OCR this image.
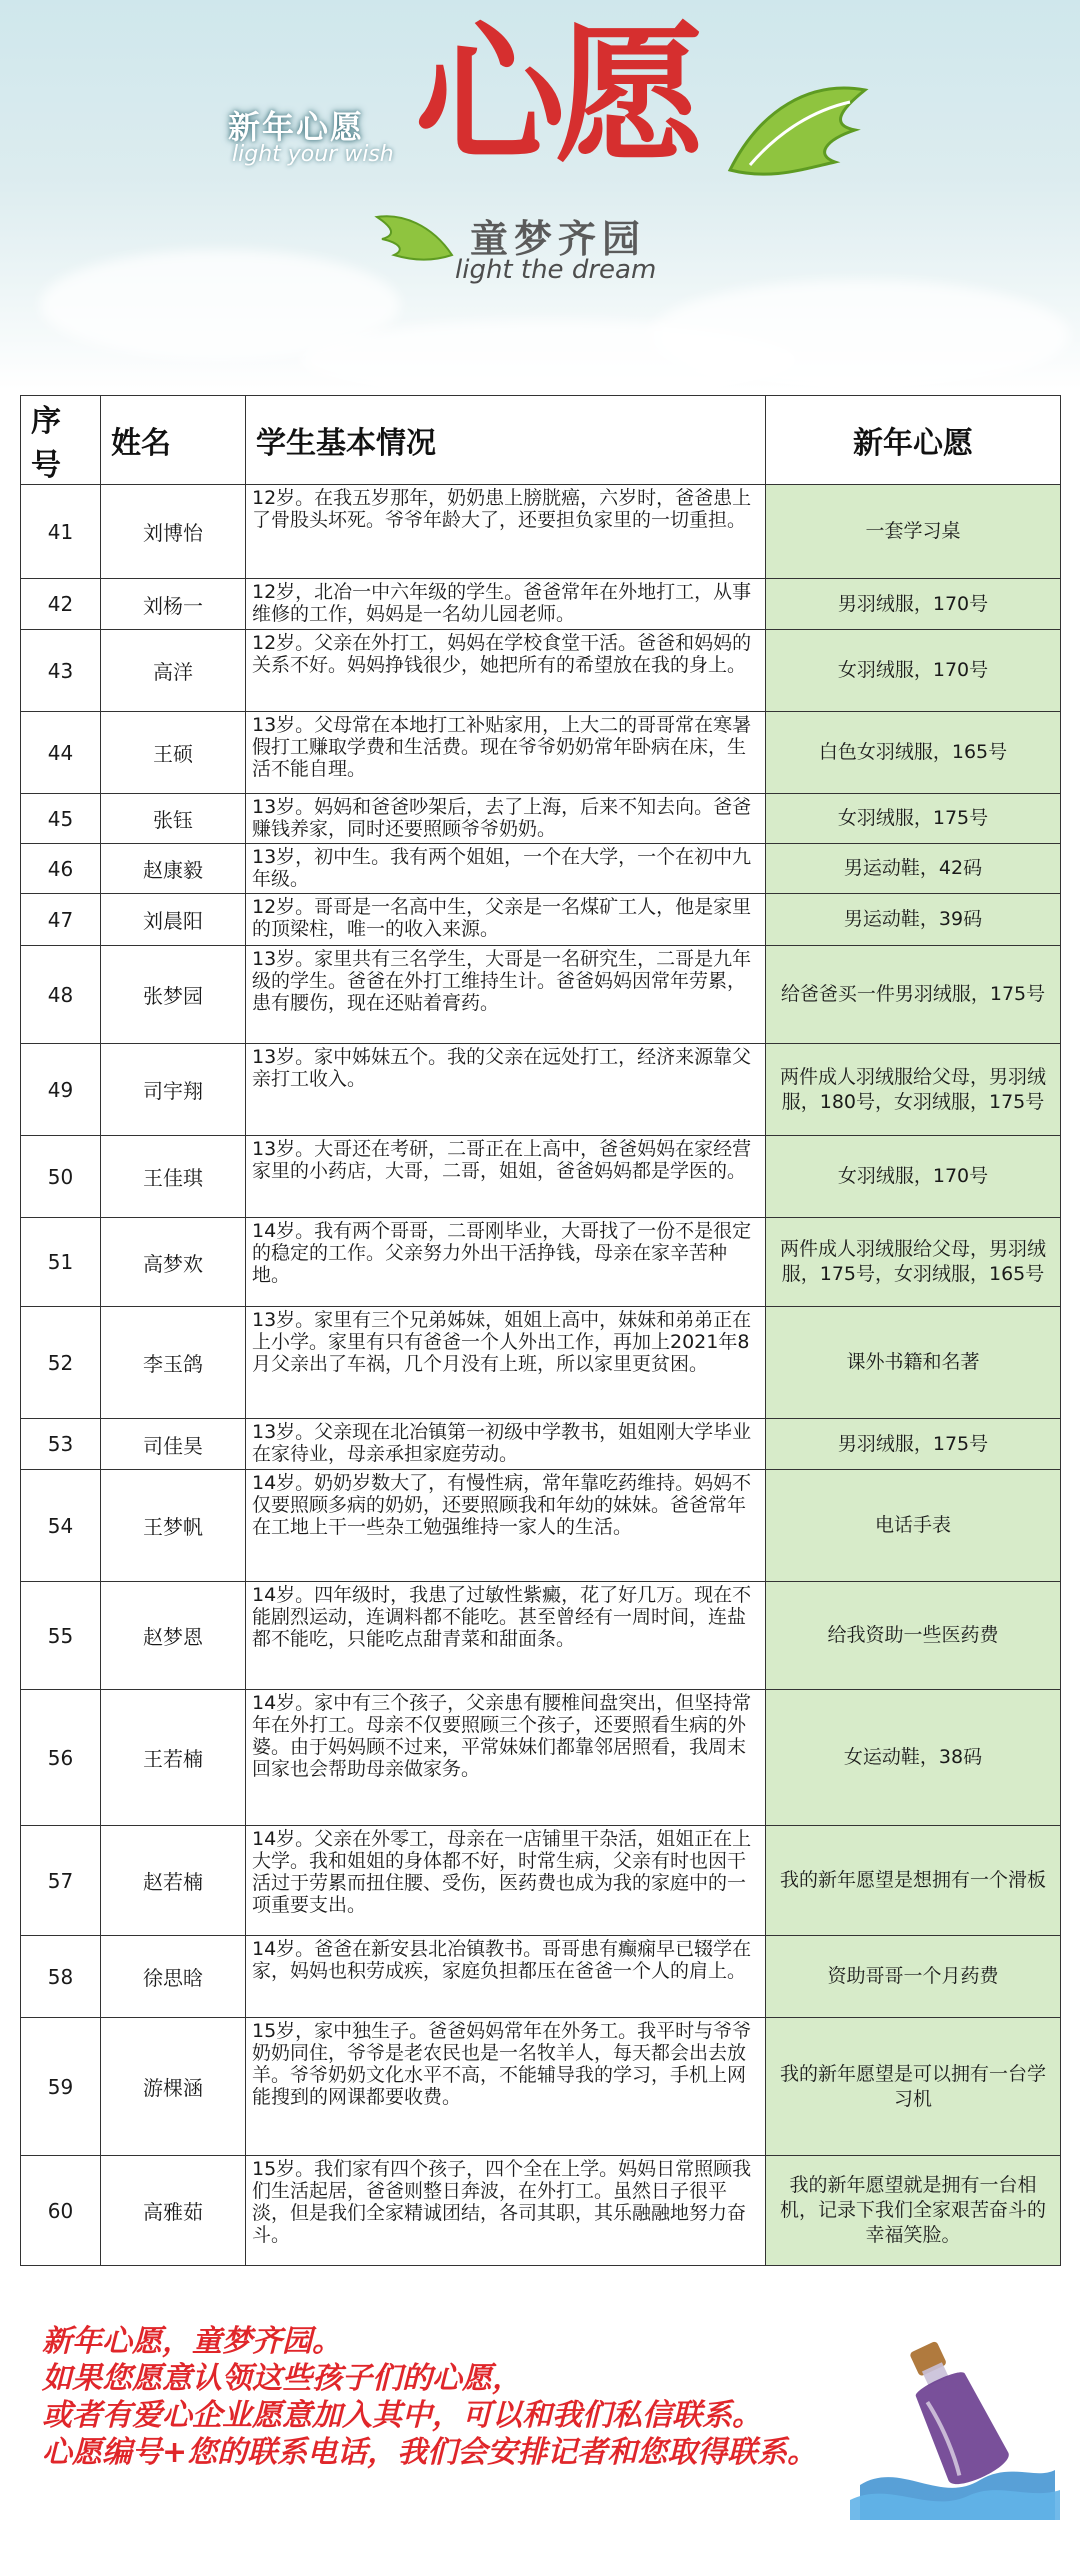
新年心愿
light your wish 心愿
童梦齐园
light the dream
序号	姓名	学生基本情况	新年心愿
41	刘博怡	12岁。在我五岁那年，奶奶患上膀胱癌，六岁时，爸爸患上了骨股头坏死。爷爷年龄大了，还要担负家里的一切重担。	一套学习桌
42	刘杨一	12岁，北冶一中六年级的学生。爸爸常年在外地打工，从事维修的工作，妈妈是一名幼儿园老师。	男羽绒服，170号
43	高洋	12岁。父亲在外打工，妈妈在学校食堂干活。爸爸和妈妈的关系不好。妈妈挣钱很少，她把所有的希望放在我的身上。	女羽绒服，170号
44	王硕	13岁。父母常在本地打工补贴家用，上大二的哥哥常在寒暑假打工赚取学费和生活费。现在爷爷奶奶常年卧病在床，生活不能自理。	白色女羽绒服，165号
45	张钰	13岁。妈妈和爸爸吵架后，去了上海，后来不知去向。爸爸赚钱养家，同时还要照顾爷爷奶奶。	女羽绒服，175号
46	赵康毅	13岁，初中生。我有两个姐姐，一个在大学，一个在初中九年级。	男运动鞋，42码
47	刘晨阳	12岁。哥哥是一名高中生，父亲是一名煤矿工人，他是家里的顶梁柱，唯一的收入来源。	男运动鞋，39码
48	张梦园	13岁。家里共有三名学生，大哥是一名研究生，二哥是九年级的学生。爸爸在外打工维持生计。爸爸妈妈因常年劳累，患有腰伤，现在还贴着膏药。	给爸爸买一件男羽绒服，175号
49	司宇翔	13岁。家中姊妹五个。我的父亲在远处打工，经济来源靠父亲打工收入。	两件成人羽绒服给父母，男羽绒服，180号，女羽绒服，175号
50	王佳琪	13岁。大哥还在考研，二哥正在上高中，爸爸妈妈在家经营家里的小药店，大哥，二哥，姐姐，爸爸妈妈都是学医的。	女羽绒服，170号
51	高梦欢	14岁。我有两个哥哥，二哥刚毕业，大哥找了一份不是很定的稳定的工作。父亲努力外出干活挣钱，母亲在家辛苦种地。	两件成人羽绒服给父母，男羽绒服，175号，女羽绒服，165号
52	李玉鸽	13岁。家里有三个兄弟姊妹，姐姐上高中，妹妹和弟弟正在上小学。家里有只有爸爸一个人外出工作，再加上2021年8月父亲出了车祸，几个月没有上班，所以家里更贫困。	课外书籍和名著
53	司佳昊	13岁。父亲现在北冶镇第一初级中学教书，姐姐刚大学毕业在家待业，母亲承担家庭劳动。	男羽绒服，175号
54	王梦帆	14岁。奶奶岁数大了，有慢性病，常年靠吃药维持。妈妈不仅要照顾多病的奶奶，还要照顾我和年幼的妹妹。爸爸常年在工地上干一些杂工勉强维持一家人的生活。	电话手表
55	赵梦恩	14岁。四年级时，我患了过敏性紫癜，花了好几万。现在不能剧烈运动，连调料都不能吃。甚至曾经有一周时间，连盐都不能吃，只能吃点甜青菜和甜面条。	给我资助一些医药费
56	王若楠	14岁。家中有三个孩子，父亲患有腰椎间盘突出，但坚持常年在外打工。母亲不仅要照顾三个孩子，还要照看生病的外婆。由于妈妈顾不过来，平常妹妹们都靠邻居照看，我周末回家也会帮助母亲做家务。	女运动鞋，38码
57	赵若楠	14岁。父亲在外零工，母亲在一店铺里干杂活，姐姐正在上大学。我和姐姐的身体都不好，时常生病，父亲有时也因干活过于劳累而扭住腰、受伤，医药费也成为我的家庭中的一项重要支出。	我的新年愿望是想拥有一个滑板
58	徐思晗	14岁。爸爸在新安县北冶镇教书。哥哥患有癫痫早已辍学在家，妈妈也积劳成疾，家庭负担都压在爸爸一个人的肩上。	资助哥哥一个月药费
59	游棵涵	15岁，家中独生子。爸爸妈妈常年在外务工。我平时与爷爷奶奶同住，爷爷是老农民也是一名牧羊人，每天都会出去放羊。爷爷奶奶文化水平不高，不能辅导我的学习，手机上网能搜到的网课都要收费。	我的新年愿望是可以拥有一台学习机
60	高雅茹	15岁。我们家有四个孩子，四个全在上学。妈妈日常照顾我们生活起居，爸爸则整日奔波，在外打工。虽然日子很平淡，但是我们全家精诚团结，各司其职，其乐融融地努力奋斗。	我的新年愿望就是拥有一台相机，记录下我们全家艰苦奋斗的幸福笑脸。

新年心愿，童梦齐园。

如果您愿意认领这些孩子们的心愿，

或者有爱心企业愿意加入其中，可以和我们私信联系。

心愿编号+您的联系电话，我们会安排记者和您取得联系。
